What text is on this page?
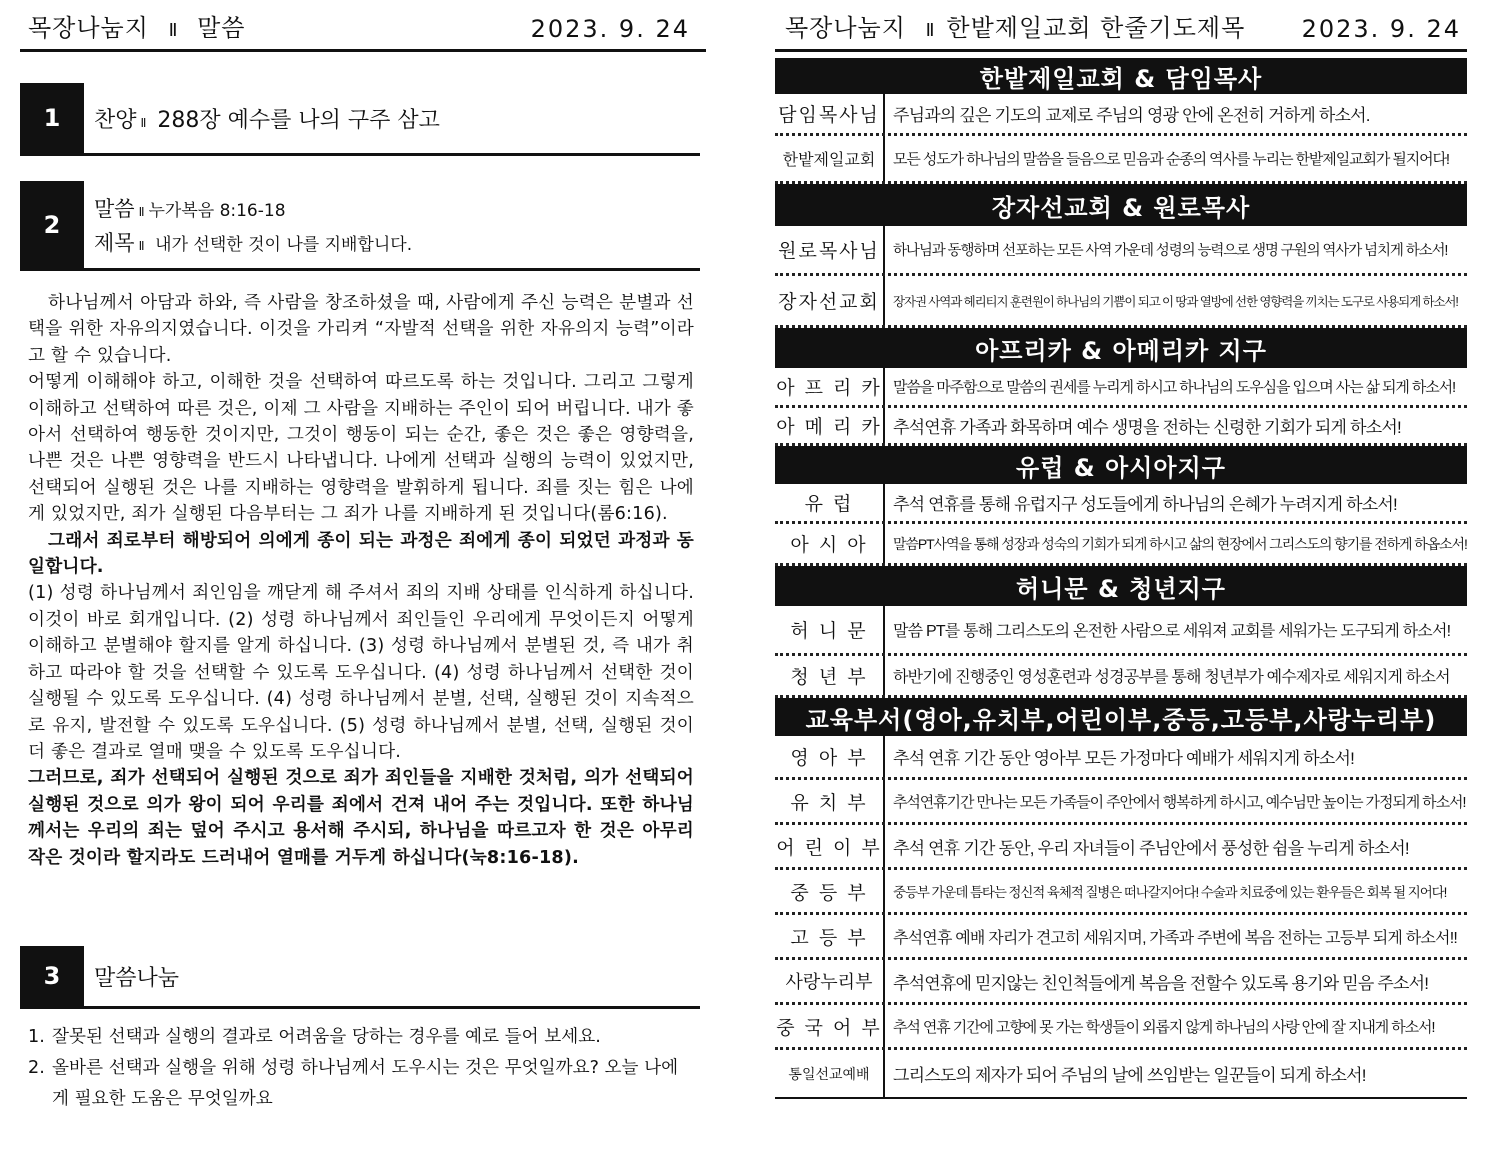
목장나눔지 Ⅱ 말씀	2023. 9. 24
1	찬양 Ⅱ 288장 예수를 나의 구주 삼고
2
말씀 Ⅱ 누가복음 8:16-18
제목 Ⅱ 내가 선택한 것이 나를 지배합니다.

하나님께서 아담과 하와, 즉 사람을 창조하셨을 때, 사람에게 주신 능력은 분별과 선택을 위한 자유의지였습니다. 이것을 가리켜 “자발적 선택을 위한 자유의지 능력”이라고 할 수 있습니다.

어떻게 이해해야 하고, 이해한 것을 선택하여 따르도록 하는 것입니다. 그리고 그렇게 이해하고 선택하여 따른 것은, 이제 그 사람을 지배하는 주인이 되어 버립니다. 내가 좋아서 선택하여 행동한 것이지만, 그것이 행동이 되는 순간, 좋은 것은 좋은 영향력을, 나쁜 것은 나쁜 영향력을 반드시 나타냅니다. 나에게 선택과 실행의 능력이 있었지만, 선택되어 실행된 것은 나를 지배하는 영향력을 발휘하게 됩니다. 죄를 짓는 힘은 나에게 있었지만, 죄가 실행된 다음부터는 그 죄가 나를 지배하게 된 것입니다(롬6:16).

그래서 죄로부터 해방되어 의에게 종이 되는 과정은 죄에게 종이 되었던 과정과 동일합니다.

(1) 성령 하나님께서 죄인임을 깨닫게 해 주셔서 죄의 지배 상태를 인식하게 하십니다. 이것이 바로 회개입니다. (2) 성령 하나님께서 죄인들인 우리에게 무엇이든지 어떻게 이해하고 분별해야 할지를 알게 하십니다. (3) 성령 하나님께서 분별된 것, 즉 내가 취하고 따라야 할 것을 선택할 수 있도록 도우십니다. (4) 성령 하나님께서 선택한 것이 실행될 수 있도록 도우십니다. (4) 성령 하나님께서 분별, 선택, 실행된 것이 지속적으로 유지, 발전할 수 있도록 도우십니다. (5) 성령 하나님께서 분별, 선택, 실행된 것이 더 좋은 결과로 열매 맺을 수 있도록 도우십니다.

그러므로, 죄가 선택되어 실행된 것으로 죄가 죄인들을 지배한 것처럼, 의가 선택되어 실행된 것으로 의가 왕이 되어 우리를 죄에서 건져 내어 주는 것입니다. 또한 하나님께서는 우리의 죄는 덮어 주시고 용서해 주시되, 하나님을 따르고자 한 것은 아무리 작은 것이라 할지라도 드러내어 열매를 거두게 하십니다(눅8:16-18).

3	말씀나눔
1. 잘못된 선택과 실행의 결과로 어려움을 당하는 경우를 예로 들어 보세요.
2. 올바른 선택과 실행을 위해 성령 하나님께서 도우시는 것은 무엇일까요? 오늘 나에게 필요한 도움은 무엇일까요
목장나눔지 Ⅱ 한밭제일교회 한줄기도제목 2023. 9. 24
한밭제일교회 & 담임목사
담임목사님 주님과의 깊은 기도의 교제로 주님의 영광 안에 온전히 거하게 하소서.
한밭제일교회	모든 성도가 하나님의 말씀을 들음으로 믿음과 순종의 역사를 누리는 한밭제일교회가 될지어다!
장자선교회 & 원로목사
원로목사님 하나님과 동행하며 선포하는 모든 사역 가운데 성령의 능력으로 생명 구원의 역사가 넘치게 하소서!
장자선교회	장자권 사역과 헤리티지 훈련원이 하나님의 기쁨이 되고 이 땅과 열방에 선한 영향력을 끼치는 도구로 사용되게 하소서!
아프리카 & 아메리카 지구
아 프 리 카 말씀을 마주함으로 말씀의 권세를 누리게 하시고 하나님의 도우심을 입으며 사는 삶 되게 하소서!
아 메 리 카 추석연휴 가족과 화목하며 예수 생명을 전하는 신령한 기회가 되게 하소서!
유럽 & 아시아지구
유 럽	추석 연휴를 통해 유럽지구 성도들에게 하나님의 은혜가 누려지게 하소서!
아 시 아	말씀PT사역을 통해 성장과 성숙의 기회가 되게 하시고 삶의 현장에서 그리스도의 향기를 전하게 하옵소서!
허니문 & 청년지구
허 니 문	말씀 PT를 통해 그리스도의 온전한 사람으로 세워져 교회를 세워가는 도구되게 하소서!
청 년 부	하반기에 진행중인 영성훈련과 성경공부를 통해 청년부가 예수제자로 세워지게 하소서
교육부서(영아,유치부,어린이부,중등,고등부,사랑누리부)
영 아 부	추석 연휴 기간 동안 영아부 모든 가정마다 예배가 세워지게 하소서!
유 치 부	추석연휴기간 만나는 모든 가족들이 주안에서 행복하게 하시고, 예수님만 높이는 가정되게 하소서!
어 린 이 부 추석 연휴 기간 동안, 우리 자녀들이 주님안에서 풍성한 쉼을 누리게 하소서!
중 등 부	중등부 가운데 틈타는 정신적 육체적 질병은 떠나갈지어다! 수술과 치료중에 있는 환우들은 회복 될 지어다!
고 등 부	추석연휴 예배 자리가 견고히 세워지며, 가족과 주변에 복음 전하는 고등부 되게 하소서!!
사랑누리부	추석연휴에 믿지않는 친인척들에게 복음을 전할수 있도록 용기와 믿음 주소서!
중 국 어 부 추석 연휴 기간에 고향에 못 가는 학생들이 외롭지 않게 하나님의 사랑 안에 잘 지내게 하소서!
통일선교예배	그리스도의 제자가 되어 주님의 날에 쓰임받는 일꾼들이 되게 하소서!
